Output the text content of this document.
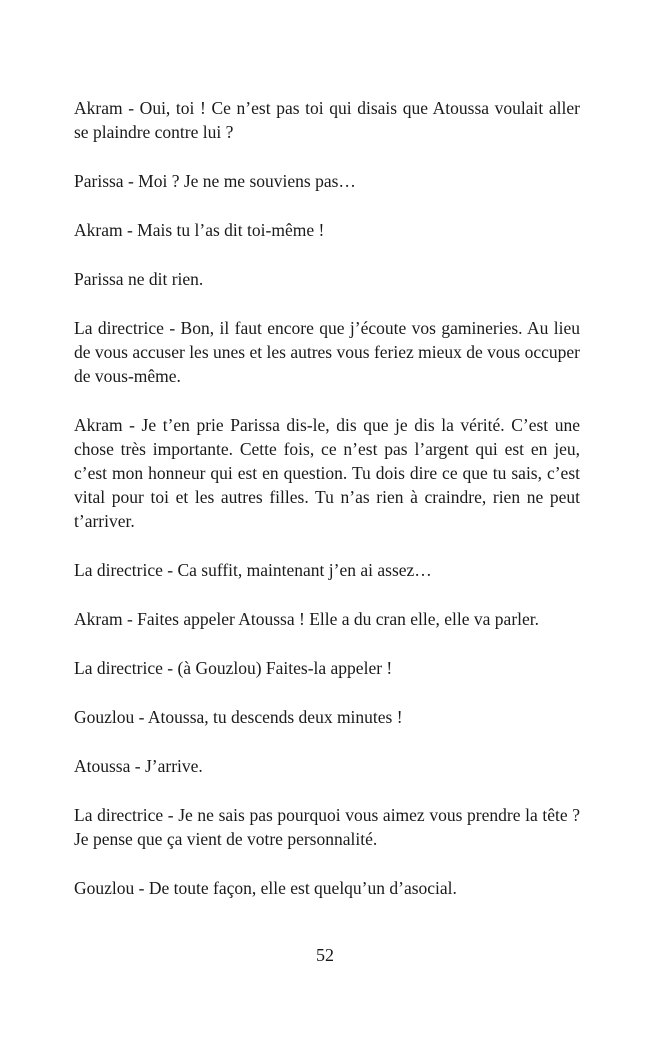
Akram - Oui, toi ! Ce n’est pas toi qui disais que Atoussa voulait aller se plaindre contre lui ?

Parissa - Moi ? Je ne me souviens pas…

Akram - Mais tu l’as dit toi-même !

Parissa ne dit rien.

La directrice - Bon, il faut encore que j’écoute vos gamineries. Au lieu de vous accuser les unes et les autres vous feriez mieux de vous occuper de vous-même.

Akram - Je t’en prie Parissa dis-le, dis que je dis la vérité. C’est une chose très importante. Cette fois, ce n’est pas l’argent qui est en jeu, c’est mon honneur qui est en question. Tu dois dire ce que tu sais, c’est vital pour toi et les autres filles. Tu n’as rien à craindre, rien ne peut t’arriver.

La directrice - Ca suffit, maintenant j’en ai assez…

Akram - Faites appeler Atoussa ! Elle a du cran elle, elle va parler.

La directrice - (à Gouzlou) Faites-la appeler !

Gouzlou - Atoussa, tu descends deux minutes !

Atoussa - J’arrive.

La directrice - Je ne sais pas pourquoi vous aimez vous prendre la tête ? Je pense que ça vient de votre personnalité.

Gouzlou - De toute façon, elle est quelqu’un d’asocial.

52
